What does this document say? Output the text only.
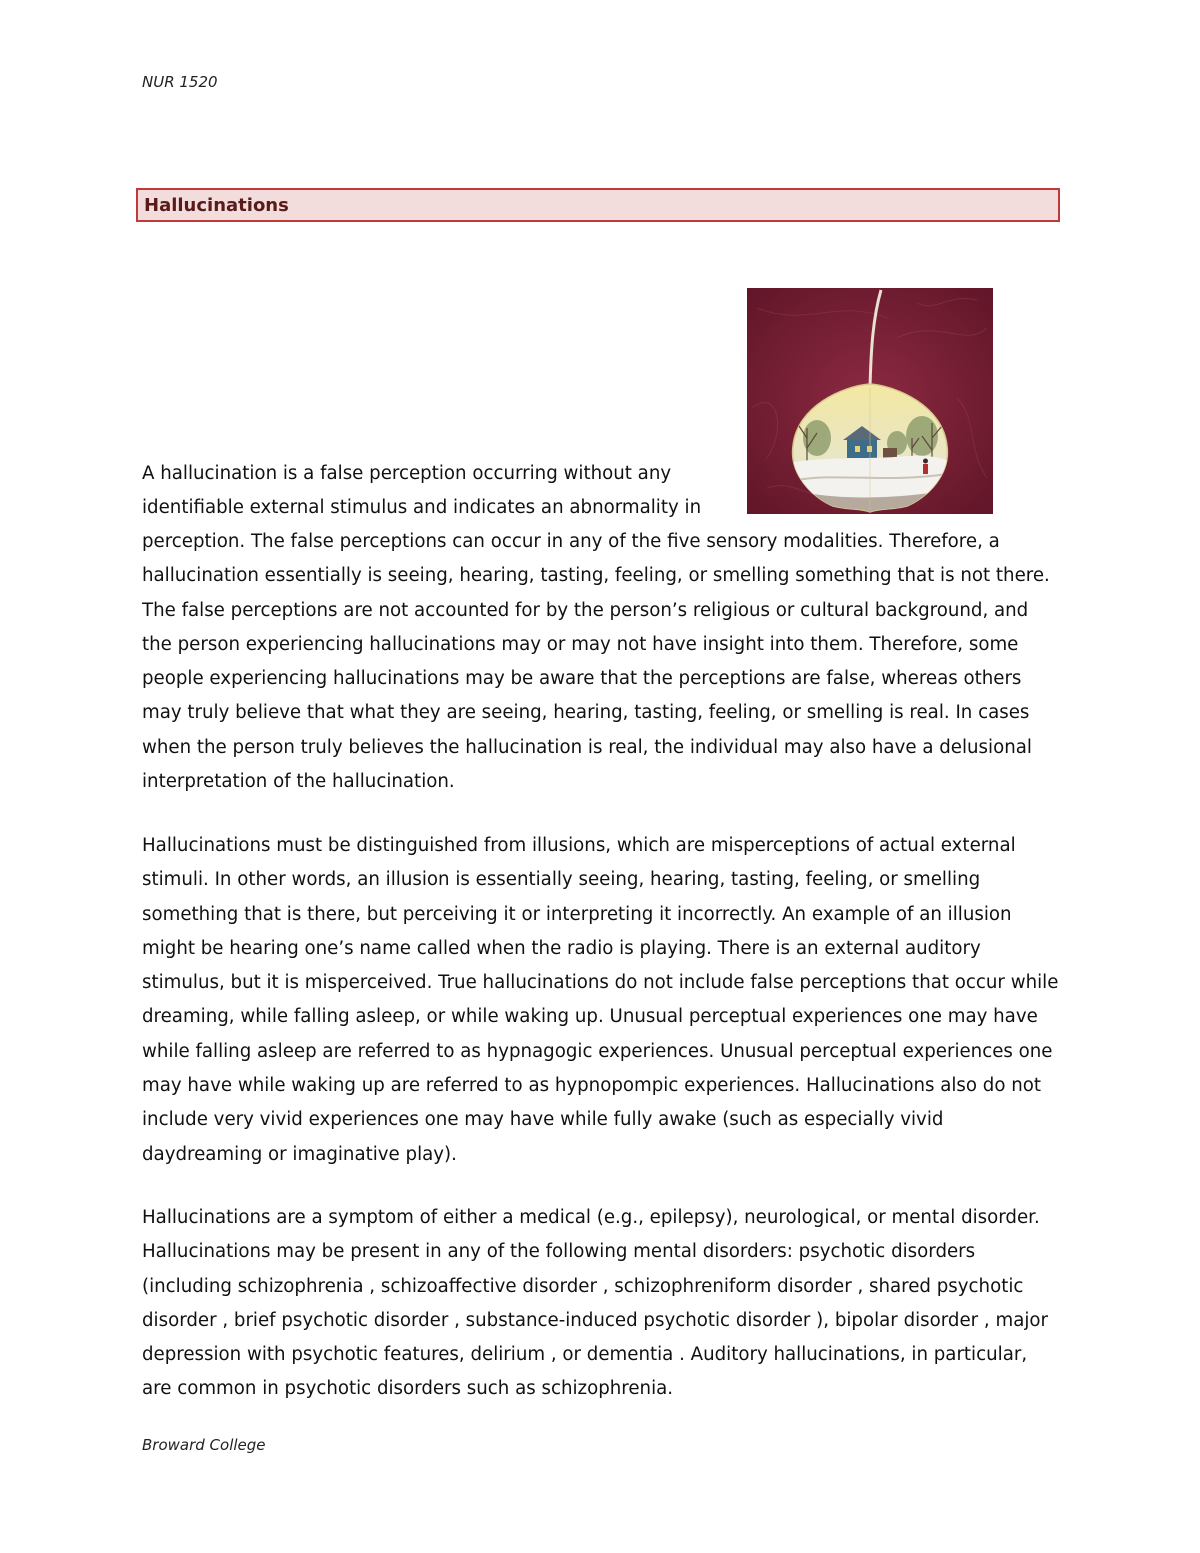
NUR 1520
Hallucinations

A hallucination is a false perception occurring without any identifiable external stimulus and indicates an abnormality in

perception. The false perceptions can occur in any of the five sensory modalities. Therefore, a hallucination essentially is seeing, hearing, tasting, feeling, or smelling something that is not there. The false perceptions are not accounted for by the person’s religious or cultural background, and the person experiencing hallucinations may or may not have insight into them. Therefore, some people experiencing hallucinations may be aware that the perceptions are false, whereas others may truly believe that what they are seeing, hearing, tasting, feeling, or smelling is real. In cases when the person truly believes the hallucination is real, the individual may also have a delusional interpretation of the hallucination.

Hallucinations must be distinguished from illusions, which are misperceptions of actual external stimuli. In other words, an illusion is essentially seeing, hearing, tasting, feeling, or smelling something that is there, but perceiving it or interpreting it incorrectly. An example of an illusion might be hearing one’s name called when the radio is playing. There is an external auditory stimulus, but it is misperceived. True hallucinations do not include false perceptions that occur while dreaming, while falling asleep, or while waking up. Unusual perceptual experiences one may have while falling asleep are referred to as hypnagogic experiences. Unusual perceptual experiences one may have while waking up are referred to as hypnopompic experiences. Hallucinations also do not include very vivid experiences one may have while fully awake (such as especially vivid daydreaming or imaginative play).

Hallucinations are a symptom of either a medical (e.g., epilepsy), neurological, or mental disorder. Hallucinations may be present in any of the following mental disorders: psychotic disorders (including schizophrenia , schizoaffective disorder , schizophreniform disorder , shared psychotic disorder , brief psychotic disorder , substance-induced psychotic disorder ), bipolar disorder , major depression with psychotic features, delirium , or dementia . Auditory hallucinations, in particular, are common in psychotic disorders such as schizophrenia.

Broward College
